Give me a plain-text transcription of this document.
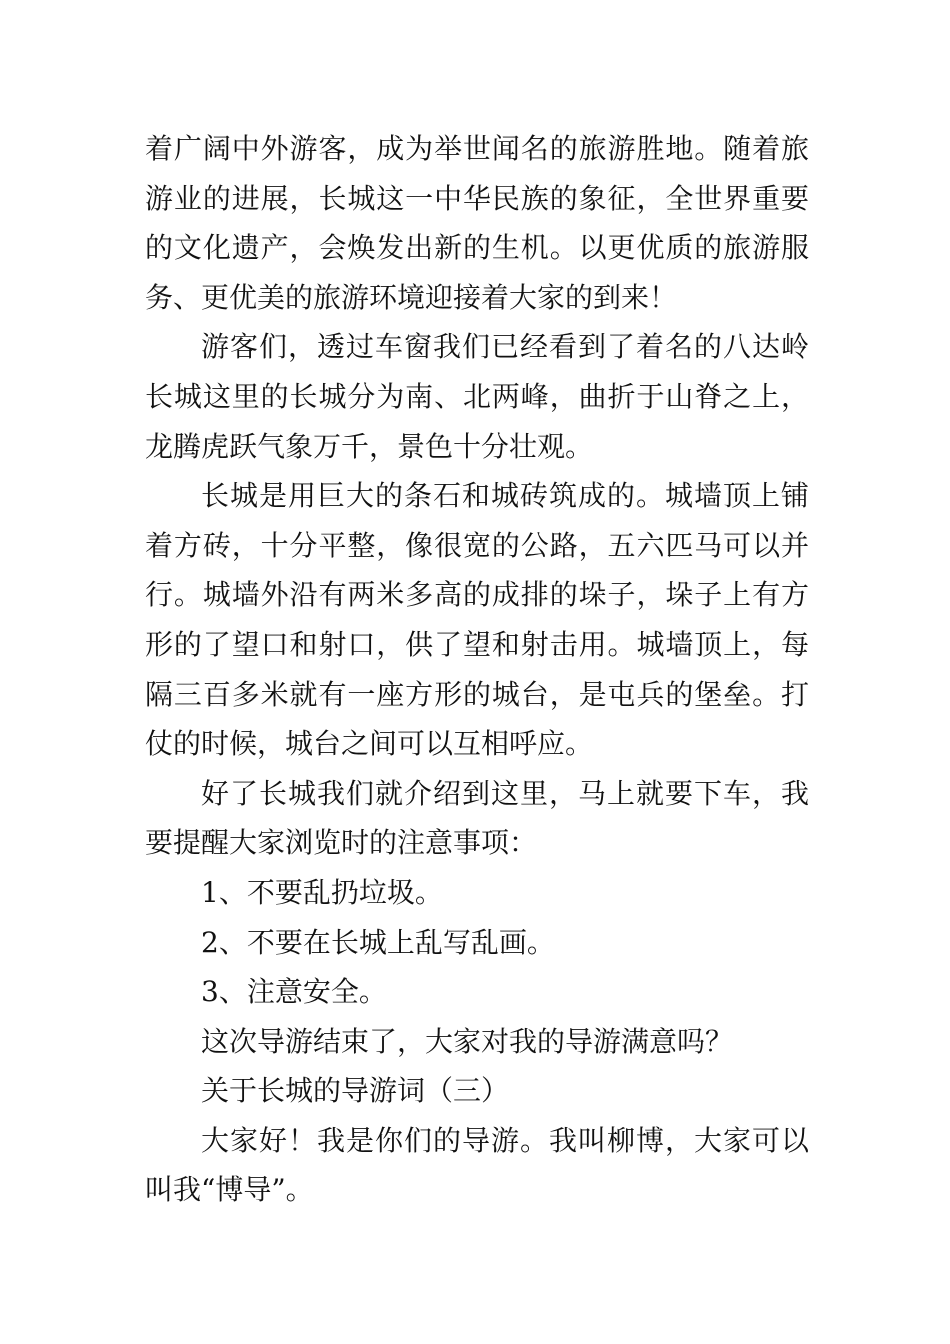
着广阔中外游客，成为举世闻名的旅游胜地。随着旅游业的进展，长城这一中华民族的象征，全世界重要的文化遗产，会焕发出新的生机。以更优质的旅游服务、更优美的旅游环境迎接着大家的到来！

游客们，透过车窗我们已经看到了着名的八达岭长城这里的长城分为南、北两峰，曲折于山脊之上，龙腾虎跃气象万千，景色十分壮观。

长城是用巨大的条石和城砖筑成的。城墙顶上铺着方砖，十分平整，像很宽的公路，五六匹马可以并行。城墙外沿有两米多高的成排的垛子，垛子上有方形的了望口和射口，供了望和射击用。城墙顶上，每隔三百多米就有一座方形的城台，是屯兵的堡垒。打仗的时候，城台之间可以互相呼应。

好了长城我们就介绍到这里，马上就要下车，我要提醒大家浏览时的注意事项：

1、不要乱扔垃圾。

2、不要在长城上乱写乱画。

3、注意安全。

这次导游结束了，大家对我的导游满意吗？

关于长城的导游词（三）

大家好！我是你们的导游。我叫柳博，大家可以叫我“博导”。
